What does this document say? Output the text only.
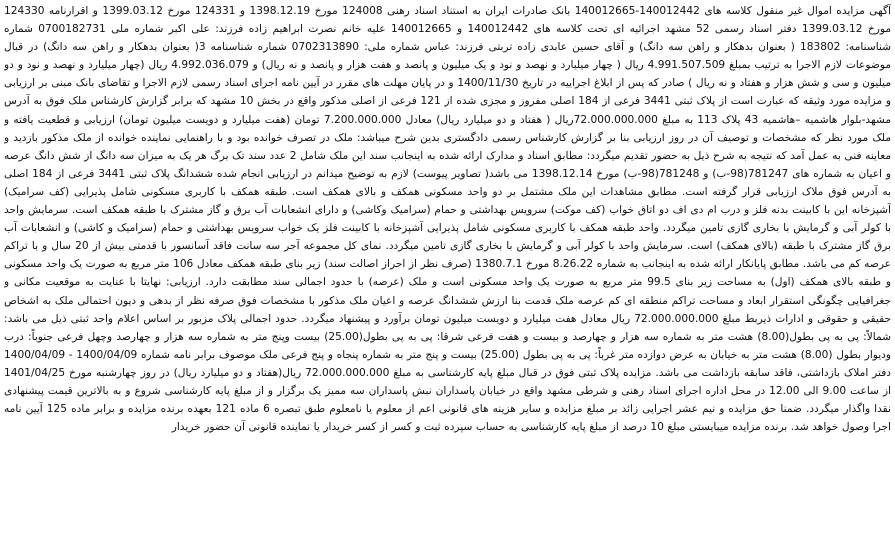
آگهی مزایده اموال غیر منقول کلاسه های 140012442-140012665 بانک صادرات ایران به استناد اسناد رهنی 124008 مورخ 1398.12.19 و 124331 مورخ 1399.03.12 و اقرارنامه 124330 مورخ 1399.03.12 دفتر اسناد رسمی 52 مشهد اجرائیه ای تحت کلاسه های 140012442 و 140012665 علیه خانم نصرت ابراهیم زاده فرزند: علی اکبر شماره ملی 0700182731 شماره شناسنامه: 183802 ( بعنوان بدهکار و راهن سه دانگ) و آقای حسین عابدی زاده تربتی فرزند: عباس شماره ملی: 0702313890 شماره شناسنامه 3( بعنوان بدهکار و راهن سه دانگ) در قبال موضوعات لازم الاجرا به ترتیب بمبلغ 4.991.507.509 ریال ( چهار میلیارد و نهصد و نود و یک میلیون و پانصد و هفت هزار و پانصد و نه ریال) و 4.992.036.079 ریال (چهار میلیارد و نهصد و نود و دو میلیون و سی و شش هزار و هفتاد و نه ریال ) صادر که پس از ابلاغ اجراییه در تاریخ 1400/11/30 و در پایان مهلت های مقرر در آیین نامه اجرای اسناد رسمی لازم الاجرا و تقاضای بانک مبنی بر ارزیابی و مزایده مورد وثیقه که عبارت است از پلاک ثبتی 3441 فرعی از 184 اصلی مفروز و مجزی شده از 121 فرعی از اصلی مذکور واقع در بخش 10 مشهد که برابر گزارش کارشناس ملک فوق به آدرس مشهد-بلوار هاشمیه –هاشمیه 43 پلاک 113 به مبلغ 72.000.000.000ریال ( هفتاد و دو میلیارد ریال) معادل 7.200.000.000 تومان (هفت میلیارد و دویست میلیون تومان) ارزیابی و قطعیت یافته و ملک مورد نظر که مشخصات و توصیف آن در روز ارزیابی بنا بر گزارش کارشناس رسمی دادگستری بدین شرح میباشد: ملک در تصرف خوانده بود و با راهنمایی نماینده خوانده از ملک مذکور بازدید و معاینه فنی به عمل آمد که نتیجه به شرح ذیل به حضور تقدیم میگردد: مطابق اسناد و مدارک ارائه شده به اینجانب سند این ملک شامل 2 عدد سند تک برگ هر یک به میزان سه دانگ از شش دانگ عرصه و اعیان به شماره های 781247(98-ب) و 781248(98-ب) مورخ 1398.12.14 می باشد( تصاویر پیوست) لازم به توضیح میدانم در ارزیابی انجام شده ششدانگ پلاک ثبتی 3441 فرعی از 184 اصلی به آدرس فوق ملاک ارزیابی قرار گرفته است. مطابق مشاهدات این ملک مشتمل بر دو واحد مسکونی همکف و بالای همکف است. طبقه همکف با کاربری مسکونی شامل پذیرایی (کف سرامیک) آشپزخانه این با کابینت بدنه فلز و درب ام دی اف دو اتاق خواب (کف موکت) سرویس بهداشتی و حمام (سرامیک وکاشی) و دارای انشعابات آب برق و گاز مشترک با طبقه همکف است. سرمایش واحد با کولر آبی و گرمایش با بخاری گازی تامین میگردد. واحد طبقه همکف با کاربری مسکونی شامل پذیرایی آشپزخانه با کابینت فلز یک خواب سرویس بهداشتی و حمام (سرامیک و کاشی) و انشعابات آب برق گاز مشترک با طبقه (بالای همکف) است. سرمایش واحد با کولر آبی و گرمایش با بخاری گازی تامین میگردد. نمای کل مجموعه آجر سه سانت فاقد آسانسور با قدمتی بیش از 20 سال و با تراکم عرصه کم می باشد. مطابق پایانکار ارائه شده به اینجانب به شماره 8.26.22 مورخ 1380.7.1 (صرف نظر از احراز اصالت سند) زیر بنای طبقه همکف معادل 106 متر مربع به صورت یک واحد مسکونی و طبقه بالای همکف (اول) به مساحت زیر بنای 99.5 متر مربع به صورت یک واحد مسکونی است و ملک (عرصه) با حدود اجمالی سند مطابقت دارد. ارزیابی: نهایتا با عنایت به موقعیت مکانی و جغرافیایی چگونگی استقرار ابعاد و مساحت تراکم منطقه ای کم عرصه ملک قدمت بنا ارزش ششدانگ عرصه و اعیان ملک مذکور با مشخصات فوق صرفه نظر از بدهی و دیون احتمالی ملک به اشخاص حقیقی و حقوقی و ادارات ذیربط مبلغ 72.000.000.000 ریال معادل هفت میلیارد و دویست میلیون تومان برآورد و پیشنهاد میگردد. حدود اجمالی پلاک مزبور بر اساس اعلام واحد ثبتی ذیل می باشد: شمالاً: پی به پی بطول(8.00) هشت متر به شماره سه هزار و چهارصد و بیست و هفت فرعی شرقا: پی به پی بطول(25.00) بیست وپنج متر به شماره سه هزار و چهارصد وچهل فرعی جنوباً: درب ودیوار بطول (8.00) هشت متر به خیابان به عرض دوازده متر غرباً: پی به پی بطول (25.00) بیست و پنج متر به شماره پنجاه و پنج فرعی ملک موصوف برابر نامه شماره 1400/04/09 - 1400/04/09 دفتر املاک بازداشتی، فاقد سابقه بازداشت می باشد. مزایده پلاک ثبتی فوق در قبال مبلغ پایه کارشناسی به مبلغ 72.000.000.000 ریال(هفتاد و دو میلیارد ریال) در روز چهارشنبه مورخ 1401/04/25 از ساعت 9.00 الی 12.00 در محل اداره اجرای اسناد رهنی و شرطی مشهد واقع در خیابان پاسداران نبش پاسداران سه ممیز یک برگزار و از مبلغ پایه کارشناسی شروع و به بالاترین قیمت پیشنهادی نقدا واگذار میگردد. ضمنا حق مزایده و نیم عشر اجرایی زائد بر مبلغ مزایده و سایر هزینه های قانونی اعم از معلوم یا نامعلوم طبق تبصره 6 ماده 121 بعهده برنده مزایده و برابر ماده 125 آیین نامه اجرا وصول خواهد شد. برنده مزایده میبایستی مبلغ 10 درصد از مبلغ پایه کارشناسی به حساب سپرده ثبت و کسر از کسر خریدار یا نماینده قانونی آن حضور خریدار
